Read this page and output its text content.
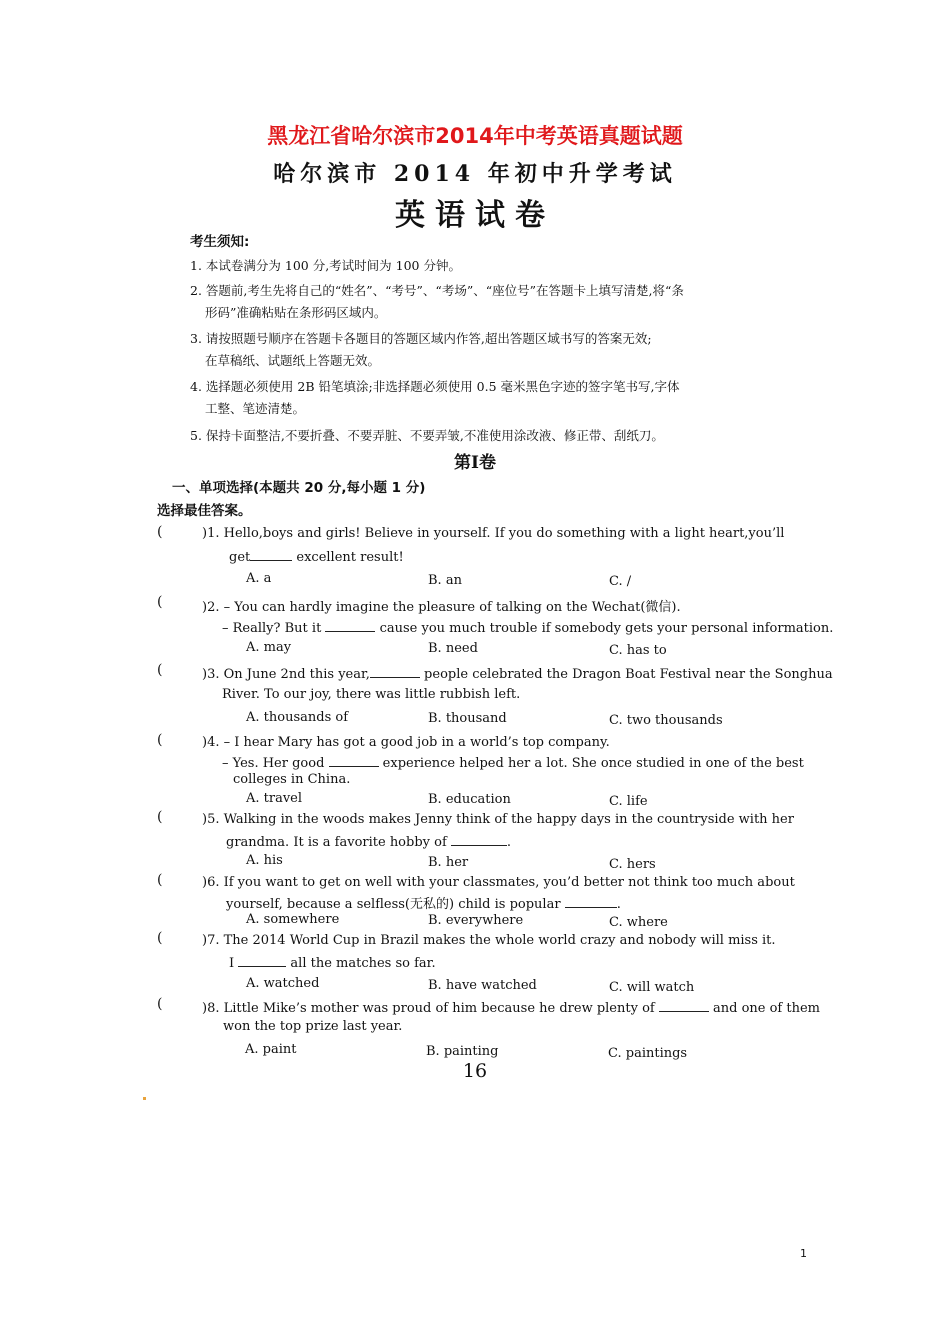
黑龙江省哈尔滨市2014年中考英语真题试题
哈尔滨市 2014 年初中升学考试
英语试卷
考生须知:
1. 本试卷满分为 100 分,考试时间为 100 分钟。
2. 答题前,考生先将自己的“姓名”、“考号”、“考场”、“座位号”在答题卡上填写清楚,将“条
形码”准确粘贴在条形码区域内。
3. 请按照题号顺序在答题卡各题目的答题区域内作答,超出答题区域书写的答案无效;
在草稿纸、试题纸上答题无效。
4. 选择题必须使用 2B 铅笔填涂;非选择题必须使用 0.5 毫米黑色字迹的签字笔书写,字体
工整、笔迹清楚。
5. 保持卡面整洁,不要折叠、不要弄脏、不要弄皱,不准使用涂改液、修正带、刮纸刀。
第Ⅰ卷
一、单项选择(本题共 20 分,每小题 1 分)
选择最佳答案。
(	)1. Hello,boys and girls! Believe in yourself. If you do something with a light heart,you’ll
get	excellent result!
A. a	B. an	C. /
(	)2. – You can hardly imagine the pleasure of talking on the Wechat(微信).
– Really? But it	cause you much trouble if somebody gets your personal information.
A. may	B. need	C. has to
(	)3. On June 2nd this year,	people celebrated the Dragon Boat Festival near the Songhua
River. To our joy, there was little rubbish left.
A. thousands of	B. thousand	C. two thousands
(	)4. – I hear Mary has got a good job in a world’s top company.
– Yes. Her good	experience helped her a lot. She once studied in one of the best
colleges in China.
A. travel	B. education	C. life
(	)5. Walking in the woods makes Jenny think of the happy days in the countryside with her
grandma. It is a favorite hobby of	.
A. his	B. her	C. hers
(	)6. If you want to get on well with your classmates, you’d better not think too much about
yourself, because a selfless(无私的) child is popular	.
A. somewhere	B. everywhere	C. where
(	)7. The 2014 World Cup in Brazil makes the whole world crazy and nobody will miss it.
I	all the matches so far.
A. watched	B. have watched	C. will watch
(	)8. Little Mike’s mother was proud of him because he drew plenty of	and one of them
won the top prize last year.
A. paint	B. painting	C. paintings
16
1
